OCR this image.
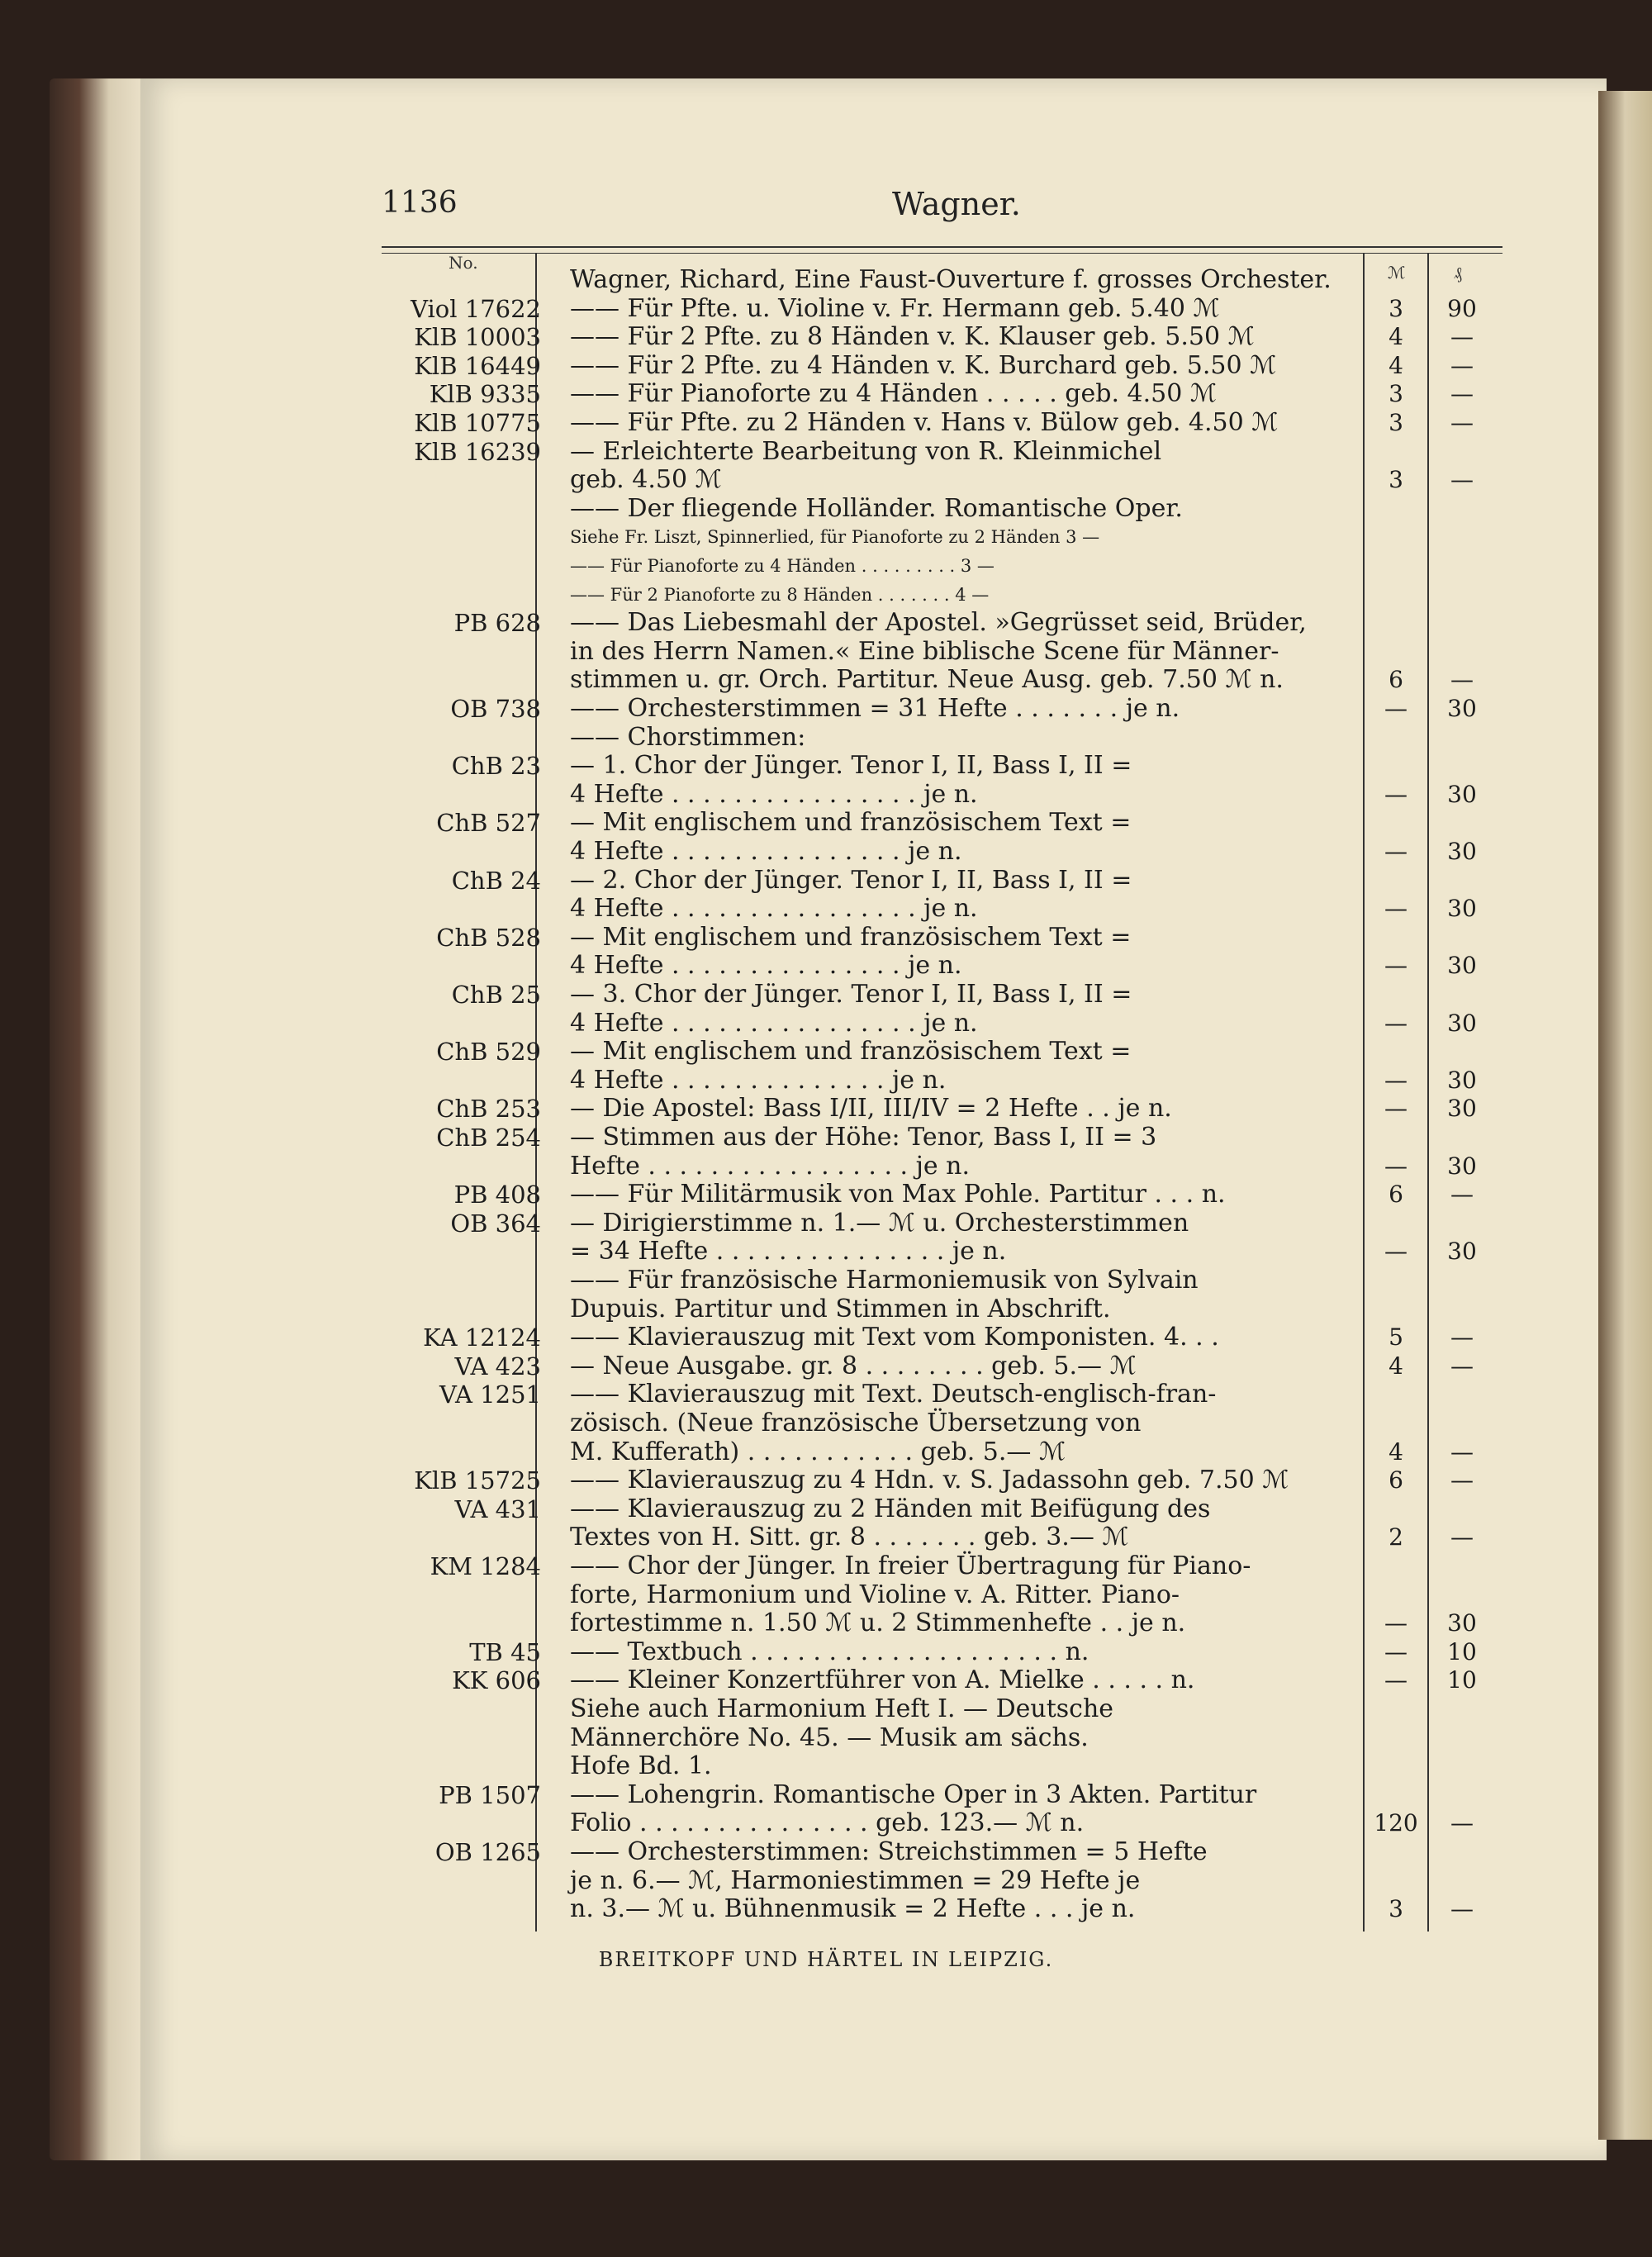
1136	Wagner.
No.	ℳ	₰
Wagner, Richard, Eine Faust-Ouverture f. grosses Orchester.
Viol 17622 —— Für Pfte. u. Violine v. Fr. Hermann geb. 5.40 ℳ	3	90
KlB 10003 —— Für 2 Pfte. zu 8 Händen v. K. Klauser geb. 5.50 ℳ	4	—
KlB 16449 —— Für 2 Pfte. zu 4 Händen v. K. Burchard geb. 5.50 ℳ	4	—
KlB 9335 —— Für Pianoforte zu 4 Händen . . . . . geb. 4.50 ℳ	3	—
KlB 10775 —— Für Pfte. zu 2 Händen v. Hans v. Bülow geb. 4.50 ℳ	3	—
KlB 16239 — Erleichterte Bearbeitung von R. Kleinmichel
geb. 4.50 ℳ	3	—
—— Der fliegende Holländer. Romantische Oper.
Siehe Fr. Liszt, Spinnerlied, für Pianoforte zu 2 Händen 3 —
—— Für Pianoforte zu 4 Händen . . . . . . . . . 3 —
—— Für 2 Pianoforte zu 8 Händen . . . . . . . 4 —
PB 628 —— Das Liebesmahl der Apostel. »Gegrüsset seid, Brüder,
in des Herrn Namen.« Eine biblische Scene für Männer-
stimmen u. gr. Orch. Partitur. Neue Ausg. geb. 7.50 ℳ n.	6	—
OB 738 —— Orchesterstimmen = 31 Hefte . . . . . . . je n.	—	30
—— Chorstimmen:
ChB 23 — 1. Chor der Jünger. Tenor I, II, Bass I, II =
4 Hefte . . . . . . . . . . . . . . . . je n.	—	30
ChB 527 — Mit englischem und französischem Text =
4 Hefte . . . . . . . . . . . . . . . je n.	—	30
ChB 24 — 2. Chor der Jünger. Tenor I, II, Bass I, II =
4 Hefte . . . . . . . . . . . . . . . . je n.	—	30
ChB 528 — Mit englischem und französischem Text =
4 Hefte . . . . . . . . . . . . . . . je n.	—	30
ChB 25 — 3. Chor der Jünger. Tenor I, II, Bass I, II =
4 Hefte . . . . . . . . . . . . . . . . je n.	—	30
ChB 529 — Mit englischem und französischem Text =
4 Hefte . . . . . . . . . . . . . . je n.	—	30
ChB 253 — Die Apostel: Bass I/II, III/IV = 2 Hefte . . je n.	—	30
ChB 254 — Stimmen aus der Höhe: Tenor, Bass I, II = 3
Hefte . . . . . . . . . . . . . . . . . je n.	—	30
PB 408 —— Für Militärmusik von Max Pohle. Partitur . . . n.	6	—
OB 364 — Dirigierstimme n. 1.— ℳ u. Orchesterstimmen
= 34 Hefte . . . . . . . . . . . . . . . je n.	—	30
—— Für französische Harmoniemusik von Sylvain
Dupuis. Partitur und Stimmen in Abschrift.
KA 12124 —— Klavierauszug mit Text vom Komponisten. 4. . .	5	—
VA 423 — Neue Ausgabe. gr. 8 . . . . . . . . geb. 5.— ℳ	4	—
VA 1251 —— Klavierauszug mit Text. Deutsch-englisch-fran-
zösisch. (Neue französische Übersetzung von
M. Kufferath) . . . . . . . . . . . geb. 5.— ℳ	4	—
KlB 15725 —— Klavierauszug zu 4 Hdn. v. S. Jadassohn geb. 7.50 ℳ	6	—
VA 431 —— Klavierauszug zu 2 Händen mit Beifügung des
Textes von H. Sitt. gr. 8 . . . . . . . geb. 3.— ℳ	2	—
KM 1284 —— Chor der Jünger. In freier Übertragung für Piano-
forte, Harmonium und Violine v. A. Ritter. Piano-
fortestimme n. 1.50 ℳ u. 2 Stimmenhefte . . je n.	—	30
TB 45 —— Textbuch . . . . . . . . . . . . . . . . . . . . n.	—	10
KK 606 —— Kleiner Konzertführer von A. Mielke . . . . . n.	—	10
Siehe auch Harmonium Heft I. — Deutsche
Männerchöre No. 45. — Musik am sächs.
Hofe Bd. 1.
PB 1507 —— Lohengrin. Romantische Oper in 3 Akten. Partitur
Folio . . . . . . . . . . . . . . . geb. 123.— ℳ n.	120	—
OB 1265 —— Orchesterstimmen: Streichstimmen = 5 Hefte
je n. 6.— ℳ, Harmoniestimmen = 29 Hefte je
n. 3.— ℳ u. Bühnenmusik = 2 Hefte . . . je n.	3	—
BREITKOPF UND HÄRTEL IN LEIPZIG.
